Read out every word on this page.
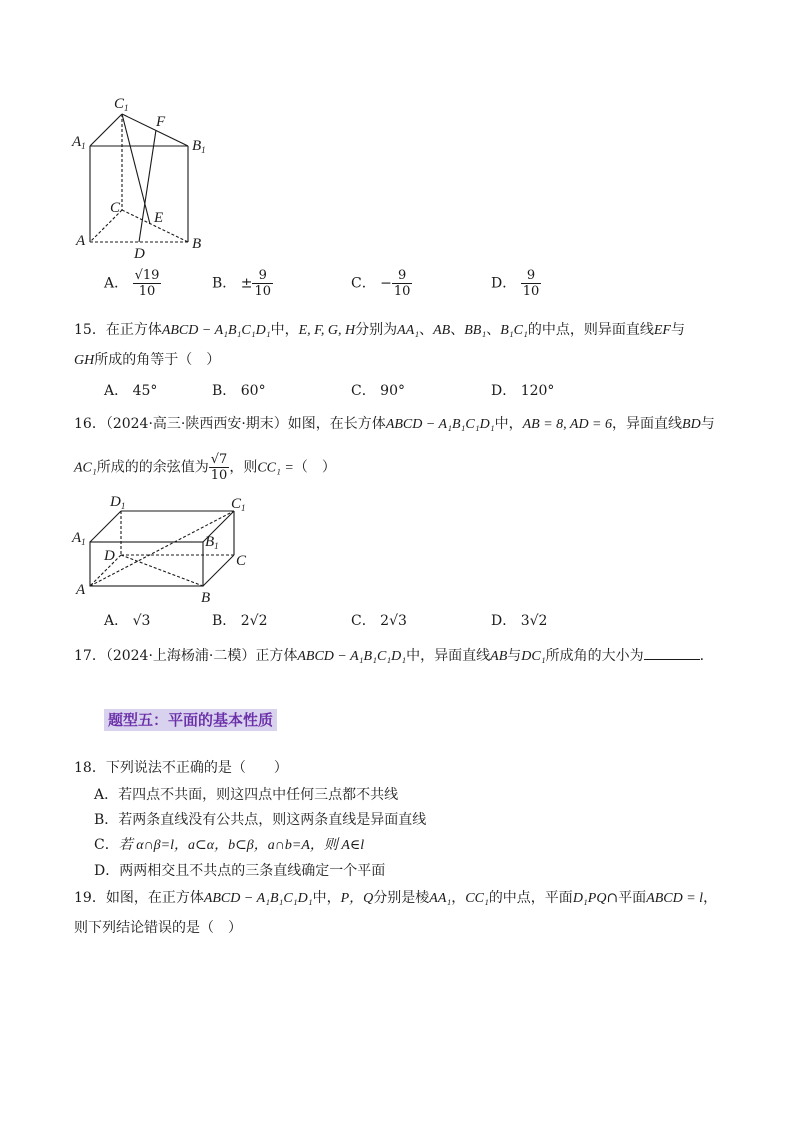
$C_1$
$A_1$	$B_1$
F
C
E
A
D
B
A． $\frac{√19}{10}$	B． ± $\frac{9}{10}$	C． − $\frac{9}{10}$	D． $\frac{9}{10}$
15．在正方体ABCD − A₁B₁C₁D₁中，E, F, G, H分别为AA₁、AB、BB₁、B₁C₁的中点，则异面直线EF与
GH所成的角等于（　）
A． 45°	B． 60°	C． 90°	D． 120°
16．（2024·高三·陕西西安·期末）如图，在长方体ABCD − A₁B₁C₁D₁中，AB = 8, AD = 6，异面直线BD与
AC₁所成的的余弦值为 $\frac{√7}{10}$ ，则CC₁ =（　）
$D_1$	$C_1$
$A_1$	$B_1$
D	C
A	B
A． √3	B． 2√2	C． 2√3	D． 3√2
17．（2024·上海杨浦·二模）正方体ABCD − A₁B₁C₁D₁中，异面直线AB与DC₁所成角的大小为	.
题型五：平面的基本性质
18．下列说法不正确的是（　　）
A．若四点不共面，则这四点中任何三点都不共线
B．若两条直线没有公共点，则这两条直线是异面直线
C．若 α∩β=l，a⊂α，b⊂β，a∩b=A，则 A∈l
D．两两相交且不共点的三条直线确定一个平面
19．如图，在正方体ABCD − A₁B₁C₁D₁中，P，Q分别是棱AA₁，CC₁的中点，平面D₁PQ∩平面ABCD = l，
则下列结论错误的是（　）
